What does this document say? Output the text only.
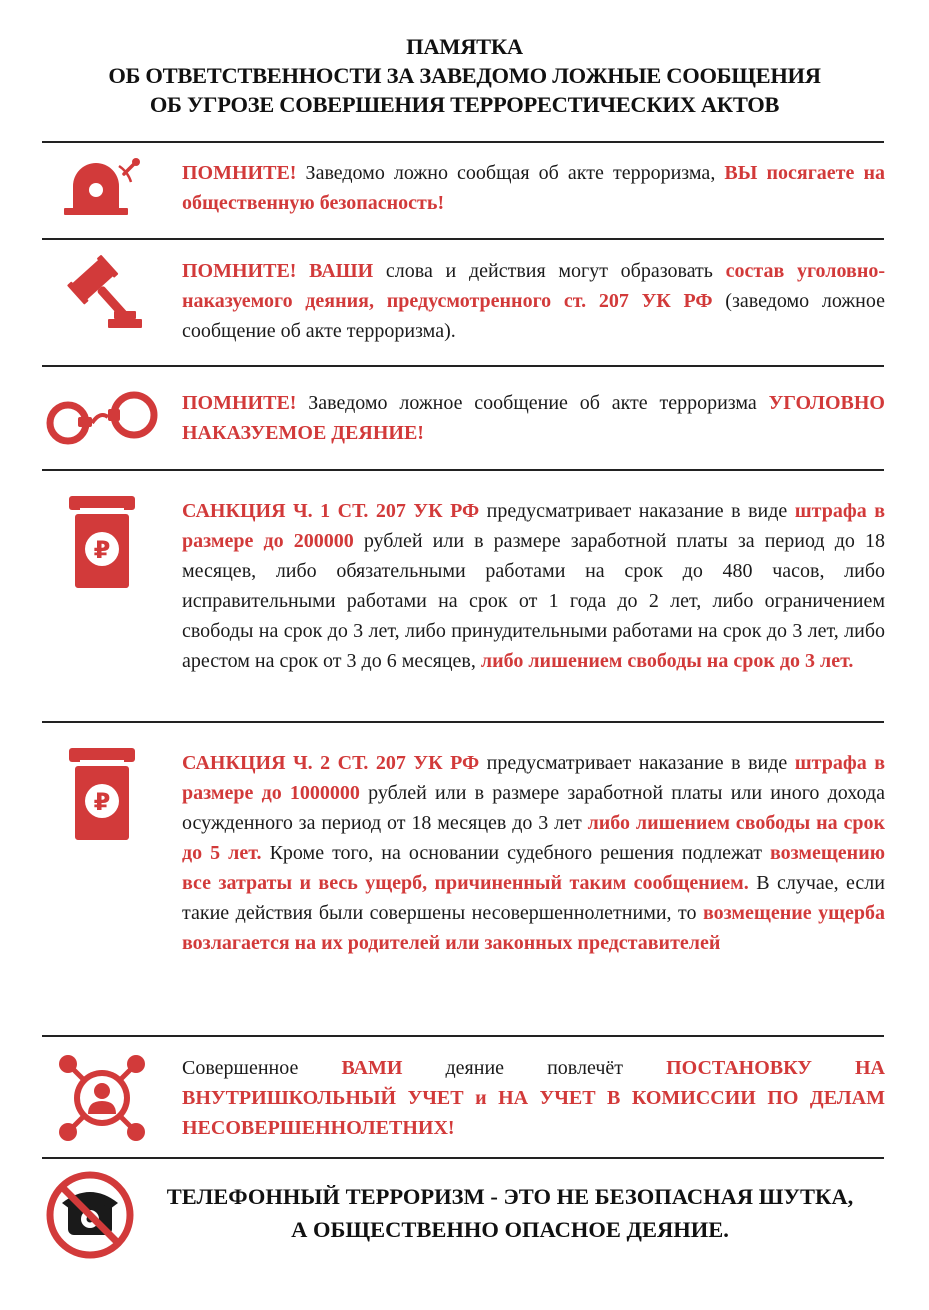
ПАМЯТКА
ОБ ОТВЕТСТВЕННОСТИ ЗА ЗАВЕДОМО ЛОЖНЫЕ СООБЩЕНИЯ
ОБ УГРОЗЕ СОВЕРШЕНИЯ ТЕРРОРЕСТИЧЕСКИХ АКТОВ
ПОМНИТЕ! Заведомо ложно сообщая об акте терроризма, ВЫ посягаете на общественную безопасность!
ПОМНИТЕ! ВАШИ слова и действия могут образовать состав уголовно-наказуемого деяния, предусмотренного ст. 207 УК РФ (заведомо ложное сообщение об акте терроризма).
ПОМНИТЕ! Заведомо ложное сообщение об акте терроризма УГОЛОВНО НАКАЗУЕМОЕ ДЕЯНИЕ!
₽
САНКЦИЯ Ч. 1 СТ. 207 УК РФ предусматривает наказание в виде штрафа в размере до 200000 рублей или в размере заработной платы за период до 18 месяцев, либо обязательными работами на срок до 480 часов, либо исправительными работами на срок от 1 года до 2 лет, либо ограничением свободы на срок до 3 лет, либо принудительными работами на срок до 3 лет, либо арестом на срок от 3 до 6 месяцев, либо лишением свободы на срок до 3 лет.
₽
САНКЦИЯ Ч. 2 СТ. 207 УК РФ предусматривает наказание в виде штрафа в размере до 1000000 рублей или в размере заработной платы или иного дохода осужденного за период от 18 месяцев до 3 лет либо лишением свободы на срок до 5 лет. Кроме того, на основании судебного решения подлежат возмещению все затраты и весь ущерб, причиненный таким сообщением. В случае, если такие действия были совершены несовершеннолетними, то возмещение ущерба возлагается на их родителей или законных представителей
Совершенное ВАМИ деяние повлечёт ПОСТАНОВКУ НА ВНУТРИШКОЛЬНЫЙ УЧЕТ и НА УЧЕТ В КОМИССИИ ПО ДЕЛАМ НЕСОВЕРШЕННОЛЕТНИХ!
ТЕЛЕФОННЫЙ ТЕРРОРИЗМ - ЭТО НЕ БЕЗОПАСНАЯ ШУТКА,
А ОБЩЕСТВЕННО ОПАСНОЕ ДЕЯНИЕ.
